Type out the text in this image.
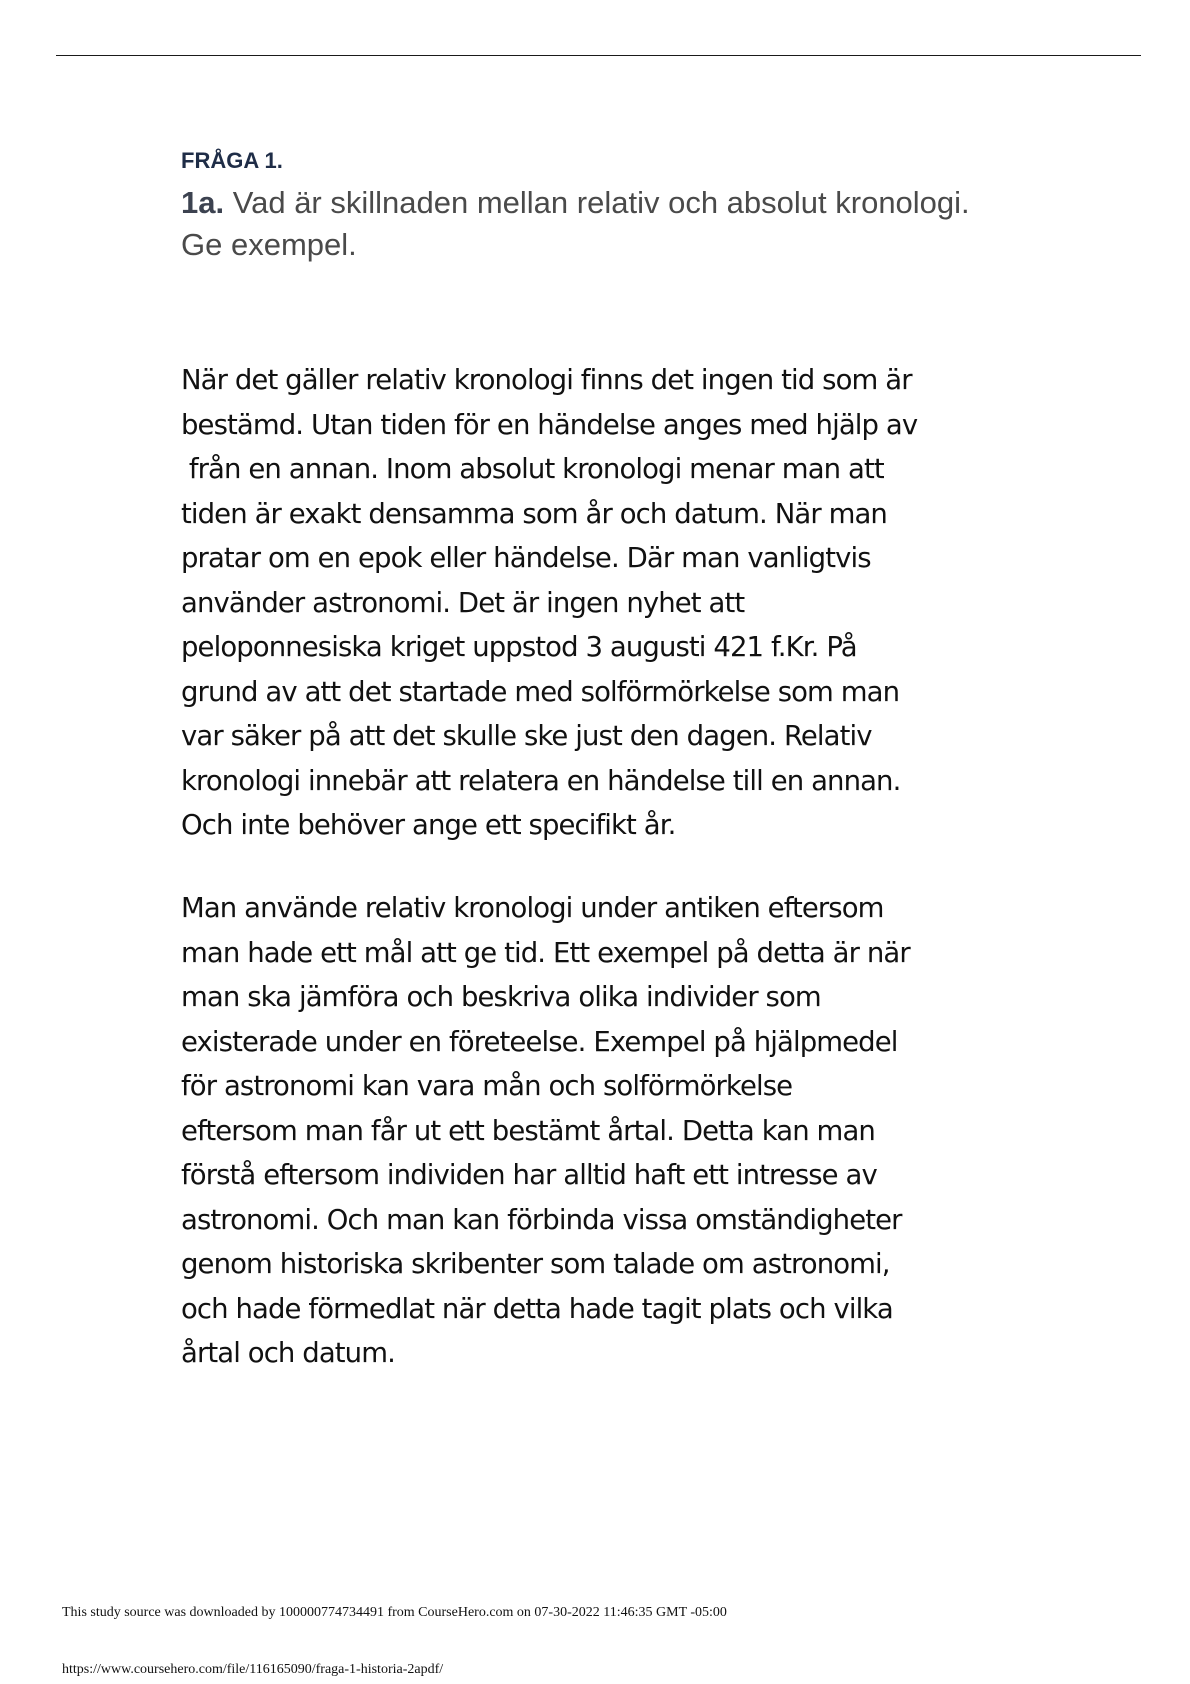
FRÅGA 1.

1a. Vad är skillnaden mellan relativ och absolut kronologi. Ge exempel.

När det gäller relativ kronologi finns det ingen tid som är
bestämd. Utan tiden för en händelse anges med hjälp av
från en annan. Inom absolut kronologi menar man att
tiden är exakt densamma som år och datum. När man
pratar om en epok eller händelse. Där man vanligtvis
använder astronomi. Det är ingen nyhet att
peloponnesiska kriget uppstod 3 augusti 421 f.Kr. På
grund av att det startade med solförmörkelse som man
var säker på att det skulle ske just den dagen. Relativ
kronologi innebär att relatera en händelse till en annan.
Och inte behöver ange ett specifikt år.
Man använde relativ kronologi under antiken eftersom
man hade ett mål att ge tid. Ett exempel på detta är när
man ska jämföra och beskriva olika individer som
existerade under en företeelse. Exempel på hjälpmedel
för astronomi kan vara mån och solförmörkelse
eftersom man får ut ett bestämt årtal. Detta kan man
förstå eftersom individen har alltid haft ett intresse av
astronomi. Och man kan förbinda vissa omständigheter
genom historiska skribenter som talade om astronomi,
och hade förmedlat när detta hade tagit plats och vilka
årtal och datum.

This study source was downloaded by 100000774734491 from CourseHero.com on 07-30-2022 11:46:35 GMT -05:00

https://www.coursehero.com/file/116165090/fraga-1-historia-2apdf/
